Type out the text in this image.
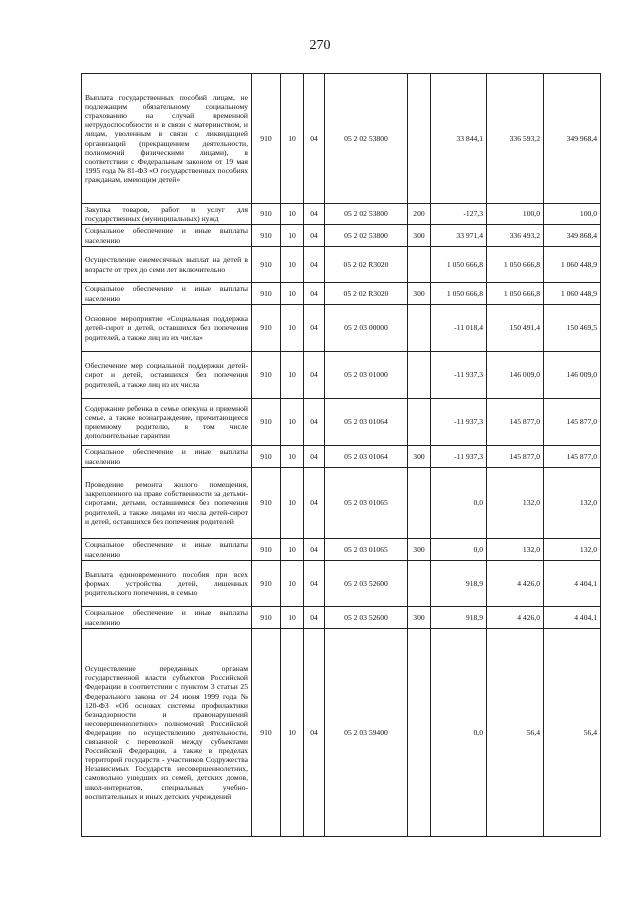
270
Выплата государственных пособий лицам, не подлежащим обязательному социальному страхованию на случай временной нетрудоспособности и в связи с материнством, и лицам, уволенным в связи с ликвидацией организаций (прекращением деятельности, полномочий физическими лицами), в соответствии с Федеральным законом от 19 мая 1995 года № 81-ФЗ «О государственных пособиях гражданам, имеющим детей»	910	10	04	05 2 02 53800		33 844,1	336 593,2	349 968,4
Закупка товаров, работ и услуг для государственных (муниципальных) нужд	910	10	04	05 2 02 53800	200	-127,3	100,0	100,0
Социальное обеспечение и иные выплаты населению	910	10	04	05 2 02 53800	300	33 971,4	336 493,2	349 868,4
Осуществление ежемесячных выплат на детей в возрасте от трех до семи лет включительно	910	10	04	05 2 02 R3020		1 050 666,8	1 050 666,8	1 060 448,9
Социальное обеспечение и иные выплаты населению	910	10	04	05 2 02 R3020	300	1 050 666,8	1 050 666,8	1 060 448,9
Основное мероприятие «Социальная поддержка детей-сирот и детей, оставшихся без попечения родителей, а также лиц из их числа»	910	10	04	05 2 03 00000		-11 018,4	150 491,4	150 469,5
Обеспечение мер социальной поддержки детей-сирот и детей, оставшихся без попечения родителей, а также лиц из их числа	910	10	04	05 2 03 01000		-11 937,3	146 009,0	146 009,0
Содержание ребенка в семье опекуна и приемной семье, а также вознаграждение, причитающееся приемному родителю, в том числе дополнительные гарантии	910	10	04	05 2 03 01064		-11 937,3	145 877,0	145 877,0
Социальное обеспечение и иные выплаты населению	910	10	04	05 2 03 01064	300	-11 937,3	145 877,0	145 877,0
Проведение ремонта жилого помещения, закрепленного на праве собственности за детьми-сиротами, детьми, оставшимися без попечения родителей, а также лицами из числа детей-сирот и детей, оставшихся без попечения родителей	910	10	04	05 2 03 01065		0,0	132,0	132,0
Социальное обеспечение и иные выплаты населению	910	10	04	05 2 03 01065	300	0,0	132,0	132,0
Выплата единовременного пособия при всех формах устройства детей, лишенных родительского попечения, в семью	910	10	04	05 2 03 52600		918,9	4 426,0	4 404,1
Социальное обеспечение и иные выплаты населению	910	10	04	05 2 03 52600	300	918,9	4 426,0	4 404,1
Осуществление переданных органам государственной власти субъектов Российской Федерации в соответствии с пунктом 3 статьи 25 Федерального закона от 24 июня 1999 года № 120-ФЗ «Об основах системы профилактики безнадзорности и правонарушений несовершеннолетних» полномочий Российской Федерации по осуществлению деятельности, связанной с перевозкой между субъектами Российской Федерации, а также в пределах территорий государств - участников Содружества Независимых Государств несовершеннолетних, самовольно ушедших из семей, детских домов, школ-интернатов, специальных учебно-воспитательных и иных детских учреждений	910	10	04	05 2 03 59400		0,0	56,4	56,4
